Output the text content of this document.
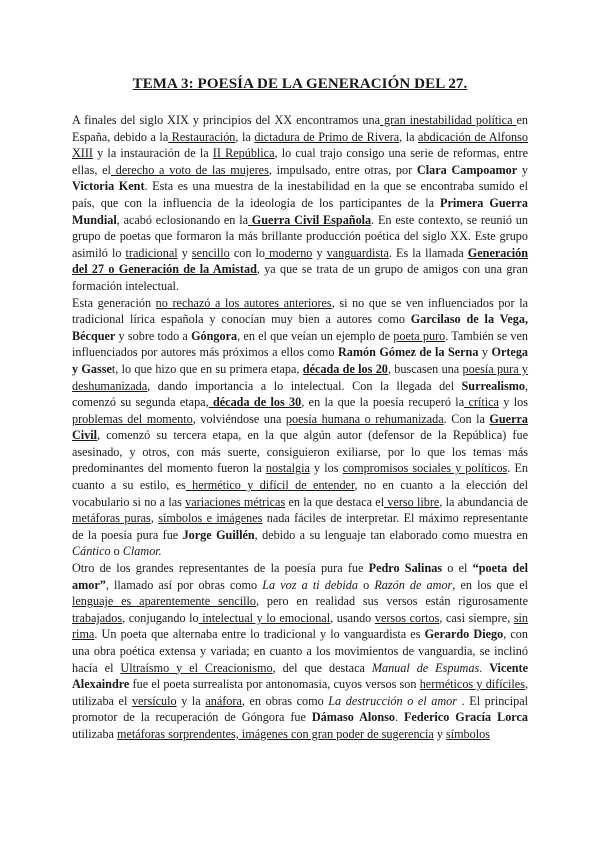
TEMA 3: POESÍA DE LA GENERACIÓN DEL 27.

A finales del siglo XIX y principios del XX encontramos una gran inestabilidad política en España, debido a la Restauración, la dictadura de Primo de Rivera, la abdicación de Alfonso XIII y la instauración de la II República, lo cual trajo consigo una serie de reformas, entre ellas, el derecho a voto de las mujeres, impulsado, entre otras, por Clara Campoamor y Victoria Kent. Esta es una muestra de la inestabilidad en la que se encontraba sumido el país, que con la influencia de la ideología de los participantes de la Primera Guerra Mundial, acabó eclosionando en la Guerra Civil Española. En este contexto, se reunió un grupo de poetas que formaron la más brillante producción poética del siglo XX. Este grupo asimiló lo tradicional y sencillo con lo moderno y vanguardista. Es la llamada Generación del 27 o Generación de la Amistad, ya que se trata de un grupo de amigos con una gran formación intelectual.

Esta generación no rechazó a los autores anteriores, si no que se ven influenciados por la tradicional lírica española y conocían muy bien a autores como Garcilaso de la Vega, Bécquer y sobre todo a Góngora, en el que veían un ejemplo de poeta puro. También se ven influenciados por autores más próximos a ellos como Ramón Gómez de la Serna y Ortega y Gasset, lo que hizo que en su primera etapa, década de los 20, buscasen una poesía pura y deshumanizada, dando importancia a lo intelectual. Con la llegada del Surrealismo, comenzó su segunda etapa, década de los 30, en la que la poesía recuperó la crítica y los problemas del momento, volviéndose una poesía humana o rehumanizada. Con la Guerra Civil, comenzó su tercera etapa, en la que algún autor (defensor de la República) fue asesinado, y otros, con más suerte, consiguieron exiliarse, por lo que los temas más predominantes del momento fueron la nostalgia y los compromisos sociales y políticos. En cuanto a su estilo, es hermético y difícil de entender, no en cuanto a la elección del vocabulario si no a las variaciones métricas en la que destaca el verso libre, la abundancia de metáforas puras, símbolos e imágenes nada fáciles de interpretar. El máximo representante de la poesía pura fue Jorge Guillén, debido a su lenguaje tan elaborado como muestra en Cántico o Clamor.

Otro de los grandes representantes de la poesía pura fue Pedro Salinas o el “poeta del amor”, llamado así por obras como La voz a ti debida o Razón de amor, en los que el lenguaje es aparentemente sencillo, pero en realidad sus versos están rigurosamente trabajados, conjugando lo intelectual y lo emocional, usando versos cortos, casi siempre, sin rima. Un poeta que alternaba entre lo tradicional y lo vanguardista es Gerardo Diego, con una obra poética extensa y variada; en cuanto a los movimientos de vanguardia, se inclinó hacía el Ultraísmo y el Creacionismo, del que destaca Manual de Espumas. Vicente Alexaindre fue el poeta surrealista por antonomasia, cuyos versos son herméticos y difíciles, utilizaba el versículo y la anáfora, en obras como La destrucción o el amor . El principal promotor de la recuperación de Góngora fue Dámaso Alonso. Federico Gracía Lorca utilizaba metáforas sorprendentes, imágenes con gran poder de sugerencia y símbolos
